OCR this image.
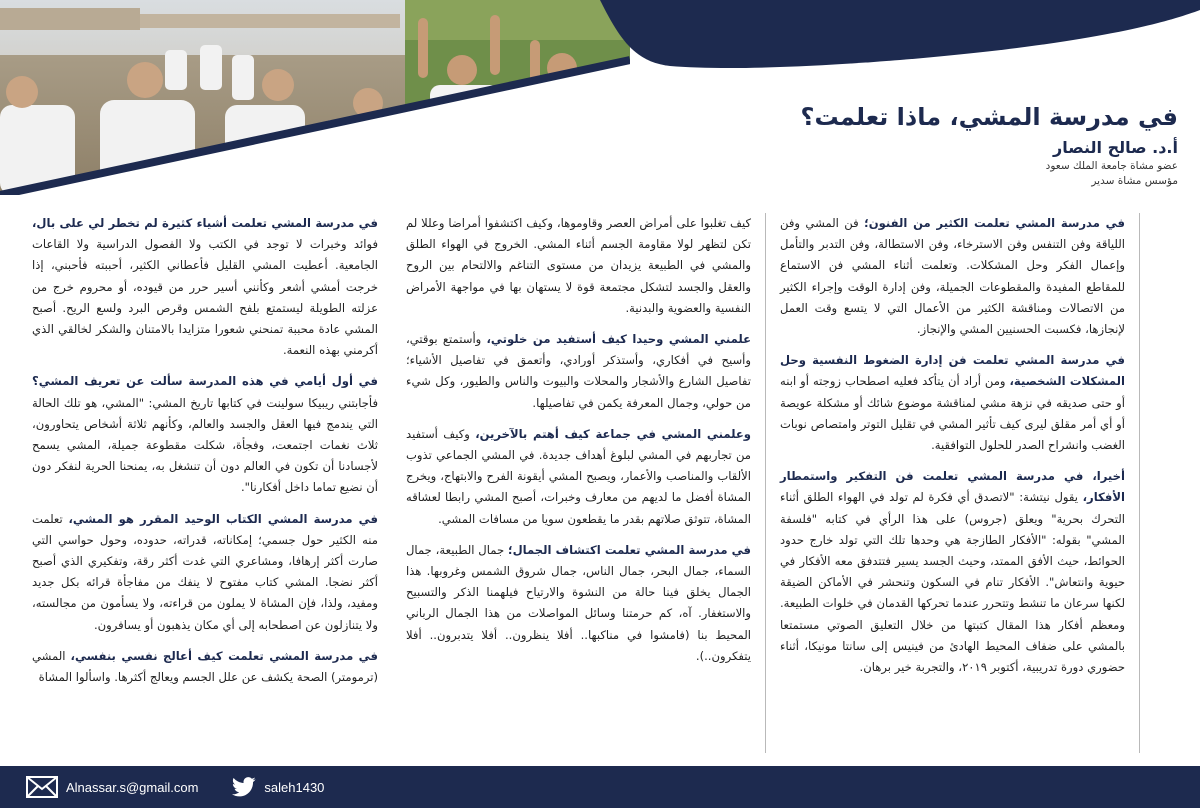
في مدرسة المشي، ماذا تعلمت؟
أ.د. صالح النصار
عضو مشاة جامعة الملك سعود
مؤسس مشاة سدير

في مدرسة المشي تعلمت أشياء كثيرة لم تخطر لي على بال، فوائد وخبرات لا توجد في الكتب ولا الفصول الدراسية ولا القاعات الجامعية. أعطيت المشي القليل فأعطاني الكثير، أحببته فأحبني، إذا خرجت أمشي أشعر وكأنني أسير حرر من قيوده، أو محروم خرج من عزلته الطويلة ليستمتع بلفح الشمس وقرص البرد ولسع الريح. أصبح المشي عادة محببة تمنحني شعورا متزايدا بالامتنان والشكر لخالقي الذي أكرمني بهذه النعمة.

في أول أيامي في هذه المدرسة سألت عن تعريف المشي؟ فأجابتني ريبيكا سولينت في كتابها تاريخ المشي: "المشي، هو تلك الحالة التي يندمج فيها العقل والجسد والعالم، وكأنهم ثلاثة أشخاص يتحاورون، ثلاث نغمات اجتمعت، وفجأة، شكلت مقطوعة جميلة، المشي يسمح لأجسادنا أن تكون في العالم دون أن تنشغل به، يمنحنا الحرية لنفكر دون أن نضيع تماما داخل أفكارنا".

في مدرسة المشي الكتاب الوحيد المقرر هو المشي، تعلمت منه الكثير حول جسمي؛ إمكاناته، قدراته، حدوده، وحول حواسي التي صارت أكثر إرهافا، ومشاعري التي غدت أكثر رقة، وتفكيري الذي أصبح أكثر نضجا. المشي كتاب مفتوح لا ينفك من مفاجأة قرائه بكل جديد ومفيد، ولذا، فإن المشاة لا يملون من قراءته، ولا يسأمون من مجالسته، ولا يتنازلون عن اصطحابه إلى أي مكان يذهبون أو يسافرون.

في مدرسة المشي تعلمت كيف أعالج نفسي بنفسي، المشي (ترمومتر) الصحة يكشف عن علل الجسم ويعالج أكثرها. واسألوا المشاة

كيف تغلبوا على أمراض العصر وقاوموها، وكيف اكتشفوا أمراضا وعللا لم تكن لتظهر لولا مقاومة الجسم أثناء المشي. الخروج في الهواء الطلق والمشي في الطبيعة يزيدان من مستوى التناغم والالتحام بين الروح والعقل والجسد لتشكل مجتمعة قوة لا يستهان بها في مواجهة الأمراض النفسية والعضوية والبدنية.

علمني المشي وحيدا كيف أستفيد من خلوتي، وأستمتع بوقتي، وأسيح في أفكاري، وأستذكر أورادي، وأتعمق في تفاصيل الأشياء؛ تفاصيل الشارع والأشجار والمحلات والبيوت والناس والطيور، وكل شيء من حولي، وجمال المعرفة يكمن في تفاصيلها.

وعلمني المشي في جماعة كيف أهتم بالآخرين، وكيف أستفيد من تجاربهم في المشي لبلوغ أهداف جديدة. في المشي الجماعي تذوب الألقاب والمناصب والأعمار، ويصبح المشي أيقونة الفرح والابتهاج، ويخرج المشاة أفضل ما لديهم من معارف وخبرات، أصبح المشي رابطا لعشاقه المشاة، تتوثق صلاتهم بقدر ما يقطعون سويا من مسافات المشي.

في مدرسة المشي تعلمت اكتشاف الجمال؛ جمال الطبيعة، جمال السماء، جمال البحر، جمال الناس، جمال شروق الشمس وغروبها. هذا الجمال يخلق فينا حالة من النشوة والارتياح فيلهمنا الذكر والتسبيح والاستغفار. آه، كم حرمتنا وسائل المواصلات من هذا الجمال الرباني المحيط بنا (فامشوا في مناكبها.. أفلا ينظرون.. أفلا يتدبرون.. أفلا يتفكرون..).

في مدرسة المشي تعلمت الكثير من الفنون؛ فن المشي وفن اللياقة وفن التنفس وفن الاسترخاء، وفن الاستطالة، وفن التدبر والتأمل وإعمال الفكر وحل المشكلات. وتعلمت أثناء المشي فن الاستماع للمقاطع المفيدة والمقطوعات الجميلة، وفن إدارة الوقت وإجراء الكثير من الاتصالات ومناقشة الكثير من الأعمال التي لا يتسع وقت العمل لإنجازها، فكسبت الحسنيين المشي والإنجاز.

في مدرسة المشي تعلمت فن إدارة الضغوط النفسية وحل المشكلات الشخصية، ومن أراد أن يتأكد فعليه اصطحاب زوجته أو ابنه أو حتى صديقه في نزهة مشي لمناقشة موضوع شائك أو مشكلة عويصة أو أي أمر مقلق ليرى كيف تأثير المشي في تقليل التوتر وامتصاص نوبات الغضب وانشراح الصدر للحلول التوافقية.

أخيرا، في مدرسة المشي تعلمت فن التفكير واستمطار الأفكار، يقول نيتشة: "لاتصدق أي فكرة لم تولد في الهواء الطلق أثناء التحرك بحرية" ويعلق (جروس) على هذا الرأي في كتابه "فلسفة المشي" بقوله: "الأفكار الطازجة هي وحدها تلك التي تولد خارج حدود الحوائط، حيث الأفق الممتد، وحيث الجسد يسير فتتدفق معه الأفكار في حيوية وانتعاش". الأفكار تنام في السكون وتنحشر في الأماكن الضيقة لكنها سرعان ما تنشط وتتحرر عندما تحركها القدمان في خلوات الطبيعة. ومعظم أفكار هذا المقال كتبتها من خلال التعليق الصوتي مستمتعا بالمشي على ضفاف المحيط الهادئ من فينيس إلى سانتا مونيكا، أثناء حضوري دورة تدريبية، أكتوبر ٢٠١٩، والتجربة خير برهان.

Alnassar.s@gmail.com	saleh1430
